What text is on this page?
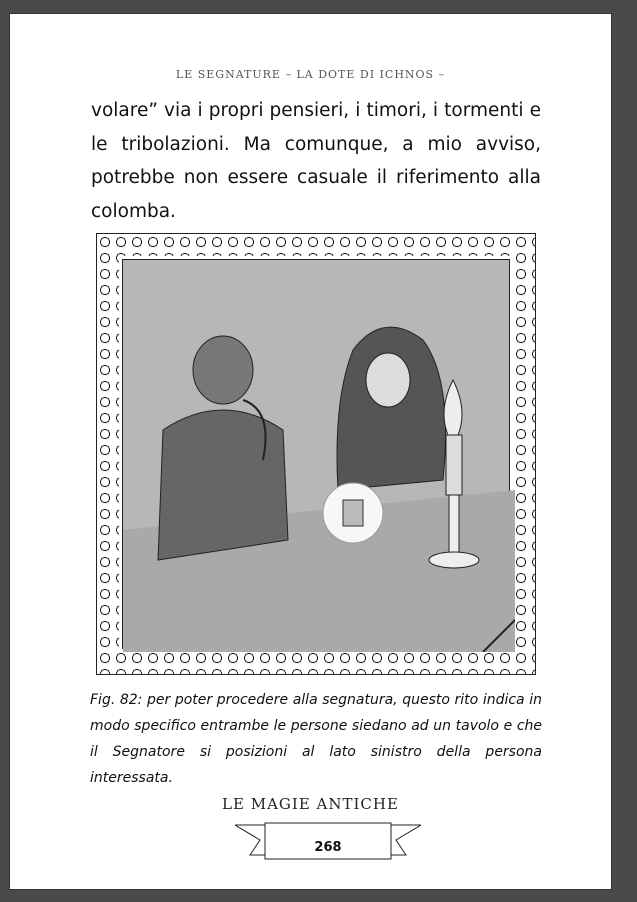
LE SEGNATURE – LA DOTE DI ICHNOS –
volare” via i propri pensieri, i timori, i tormenti e le tribolazioni. Ma comunque, a mio avviso, potrebbe non essere casuale il riferimento alla colomba.
Fig. 82: per poter procedere alla segnatura, questo rito indica in modo specifico entrambe le persone siedano ad un tavolo e che il Segnatore si posizioni al lato sinistro della persona interessata.
LE MAGIE ANTICHE
268
